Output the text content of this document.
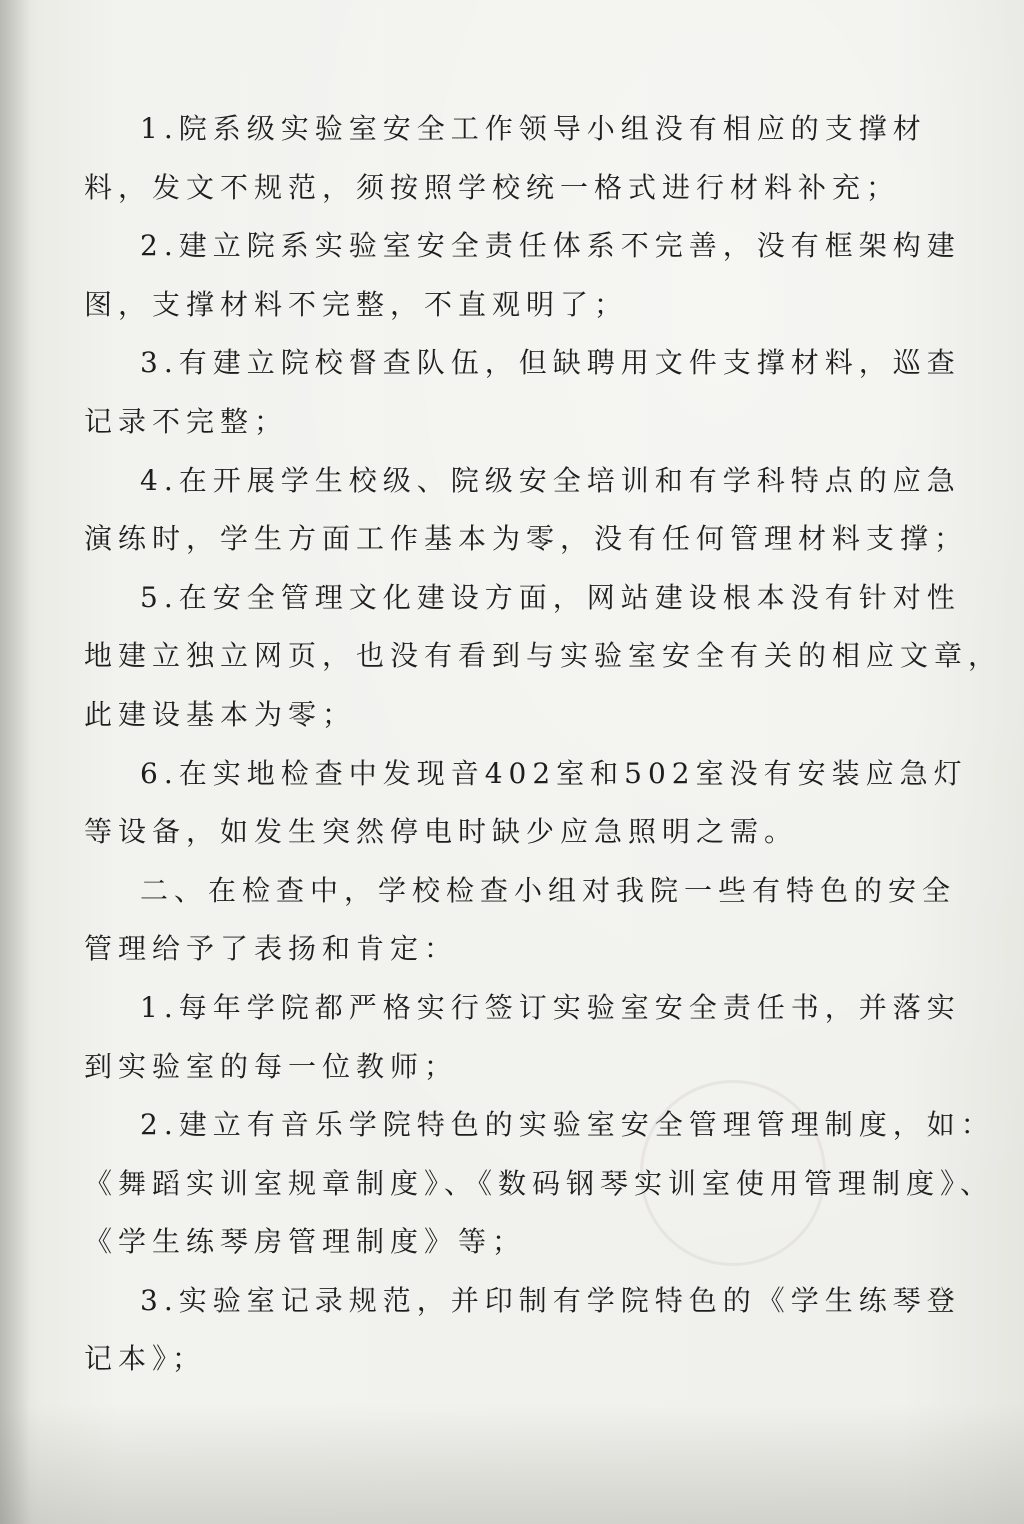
1.院系级实验室安全工作领导小组没有相应的支撑材
料，发文不规范，须按照学校统一格式进行材料补充；
2.建立院系实验室安全责任体系不完善，没有框架构建
图，支撑材料不完整，不直观明了；
3.有建立院校督查队伍，但缺聘用文件支撑材料，巡查
记录不完整；
4.在开展学生校级、院级安全培训和有学科特点的应急
演练时，学生方面工作基本为零，没有任何管理材料支撑；
5.在安全管理文化建设方面，网站建设根本没有针对性
地建立独立网页，也没有看到与实验室安全有关的相应文章，
此建设基本为零；
6.在实地检查中发现音402室和502室没有安装应急灯
等设备，如发生突然停电时缺少应急照明之需。
二、在检查中，学校检查小组对我院一些有特色的安全
管理给予了表扬和肯定：
1.每年学院都严格实行签订实验室安全责任书，并落实
到实验室的每一位教师；
2.建立有音乐学院特色的实验室安全管理管理制度，如：
《舞蹈实训室规章制度》、《数码钢琴实训室使用管理制度》、
《学生练琴房管理制度》等；
3.实验室记录规范，并印制有学院特色的《学生练琴登
记本》；
